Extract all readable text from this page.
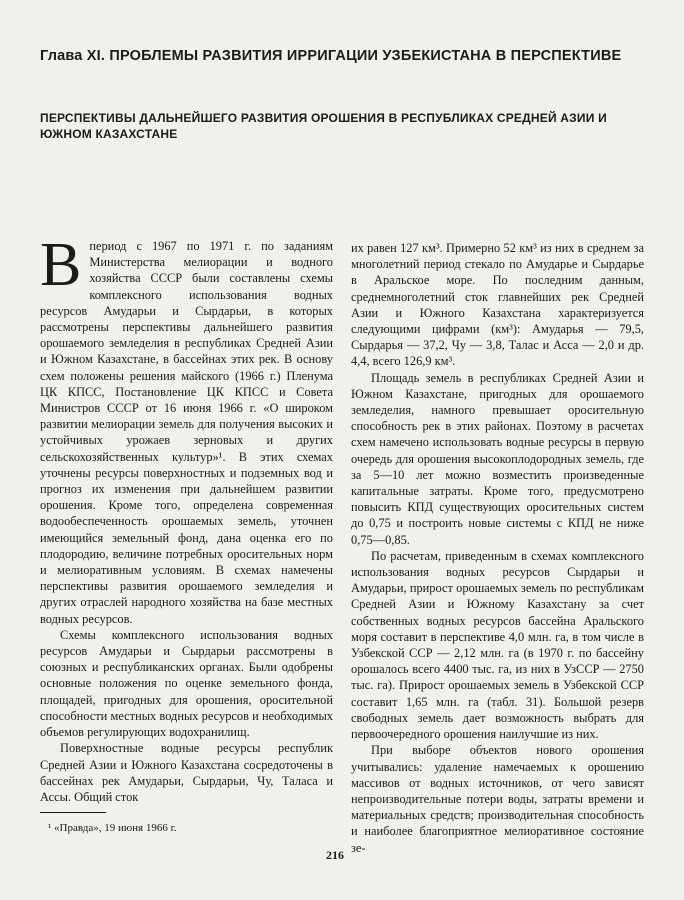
Глава XI. ПРОБЛЕМЫ РАЗВИТИЯ ИРРИГАЦИИ УЗБЕКИСТАНА В ПЕРСПЕКТИВЕ
ПЕРСПЕКТИВЫ ДАЛЬНЕЙШЕГО РАЗВИТИЯ ОРОШЕНИЯ В РЕСПУБЛИКАХ СРЕДНЕЙ АЗИИ И ЮЖНОМ КАЗАХСТАНЕ

Впериод с 1967 по 1971 г. по заданиям Министерства мелиорации и водного хозяйства СССР были составлены схемы комплексного использования водных ресурсов Амударьи и Сырдарьи, в которых рассмотрены перспективы дальнейшего развития орошаемого земледелия в республиках Средней Азии и Южном Казахстане, в бассейнах этих рек. В основу схем положены решения майского (1966 г.) Пленума ЦК КПСС, Постановление ЦК КПСС и Совета Министров СССР от 16 июня 1966 г. «О широком развитии мелиорации земель для получения высоких и устойчивых урожаев зерновых и других сельскохозяйственных культур»¹. В этих схемах уточнены ресурсы поверхностных и подземных вод и прогноз их изменения при дальнейшем развитии орошения. Кроме того, определена современная водообеспеченность орошаемых земель, уточнен имеющийся земельный фонд, дана оценка его по плодородию, величине потребных оросительных норм и мелиоративным условиям. В схемах намечены перспективы развития орошаемого земледелия и других отраслей народного хозяйства на базе местных водных ресурсов.

Схемы комплексного использования водных ресурсов Амударьи и Сырдарьи рассмотрены в союзных и республиканских органах. Были одобрены основные положения по оценке земельного фонда, площадей, пригодных для орошения, оросительной способности местных водных ресурсов и необходимых объемов регулирующих водохранилищ.

Поверхностные водные ресурсы республик Средней Азии и Южного Казахстана сосредоточены в бассейнах рек Амударьи, Сырдарьи, Чу, Таласа и Ассы. Общий сток

их равен 127 км³. Примерно 52 км³ из них в среднем за многолетний период стекало по Амударье и Сырдарье в Аральское море. По последним данным, среднемноголетний сток главнейших рек Средней Азии и Южного Казахстана характеризуется следующими цифрами (км³): Амударья — 79,5, Сырдарья — 37,2, Чу — 3,8, Талас и Асса — 2,0 и др. 4,4, всего 126,9 км³.

Площадь земель в республиках Средней Азии и Южном Казахстане, пригодных для орошаемого земледелия, намного превышает оросительную способность рек в этих районах. Поэтому в расчетах схем намечено использовать водные ресурсы в первую очередь для орошения высокоплодородных земель, где за 5—10 лет можно возместить произведенные капитальные затраты. Кроме того, предусмотрено повысить КПД существующих оросительных систем до 0,75 и построить новые системы с КПД не ниже 0,75—0,85.

По расчетам, приведенным в схемах комплексного использования водных ресурсов Сырдарьи и Амударьи, прирост орошаемых земель по республикам Средней Азии и Южному Казахстану за счет собственных водных ресурсов бассейна Аральского моря составит в перспективе 4,0 млн. га, в том числе в Узбекской ССР — 2,12 млн. га (в 1970 г. по бассейну орошалось всего 4400 тыс. га, из них в УзССР — 2750 тыс. га). Прирост орошаемых земель в Узбекской ССР составит 1,65 млн. га (табл. 31). Большой резерв свободных земель дает возможность выбрать для первоочередного орошения наилучшие из них.

При выборе объектов нового орошения учитывались: удаление намечаемых к орошению массивов от водных источников, от чего зависят непроизводительные потери воды, затраты времени и материальных средств; производительная способность и наиболее благоприятное мелиоративное состояние зе-

¹ «Правда», 19 июня 1966 г.
216
